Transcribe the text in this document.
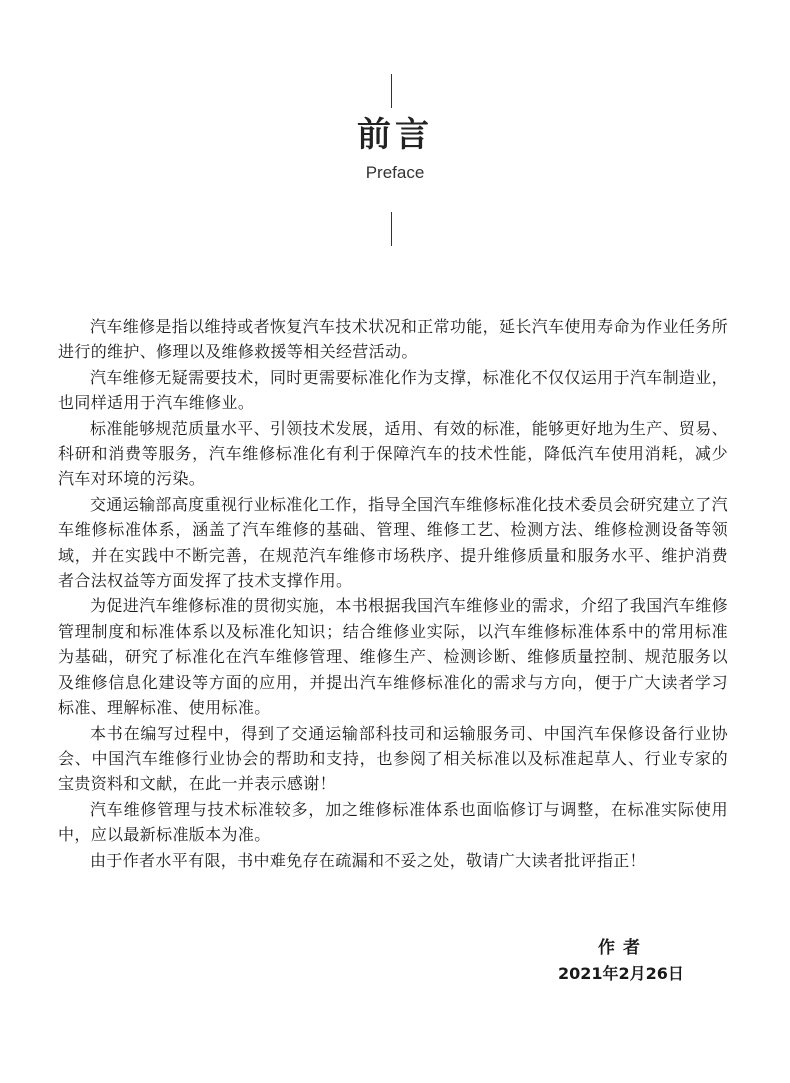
前言
Preface

汽车维修是指以维持或者恢复汽车技术状况和正常功能，延长汽车使用寿命为作业任务所进行的维护、修理以及维修救援等相关经营活动。

汽车维修无疑需要技术，同时更需要标准化作为支撑，标准化不仅仅运用于汽车制造业，也同样适用于汽车维修业。

标准能够规范质量水平、引领技术发展，适用、有效的标准，能够更好地为生产、贸易、科研和消费等服务，汽车维修标准化有利于保障汽车的技术性能，降低汽车使用消耗，减少汽车对环境的污染。

交通运输部高度重视行业标准化工作，指导全国汽车维修标准化技术委员会研究建立了汽车维修标准体系，涵盖了汽车维修的基础、管理、维修工艺、检测方法、维修检测设备等领域，并在实践中不断完善，在规范汽车维修市场秩序、提升维修质量和服务水平、维护消费者合法权益等方面发挥了技术支撑作用。

为促进汽车维修标准的贯彻实施，本书根据我国汽车维修业的需求，介绍了我国汽车维修管理制度和标准体系以及标准化知识；结合维修业实际，以汽车维修标准体系中的常用标准为基础，研究了标准化在汽车维修管理、维修生产、检测诊断、维修质量控制、规范服务以及维修信息化建设等方面的应用，并提出汽车维修标准化的需求与方向，便于广大读者学习标准、理解标准、使用标准。

本书在编写过程中，得到了交通运输部科技司和运输服务司、中国汽车保修设备行业协会、中国汽车维修行业协会的帮助和支持，也参阅了相关标准以及标准起草人、行业专家的宝贵资料和文献，在此一并表示感谢！

汽车维修管理与技术标准较多，加之维修标准体系也面临修订与调整，在标准实际使用中，应以最新标准版本为准。

由于作者水平有限，书中难免存在疏漏和不妥之处，敬请广大读者批评指正！

作者
2021年2月26日
